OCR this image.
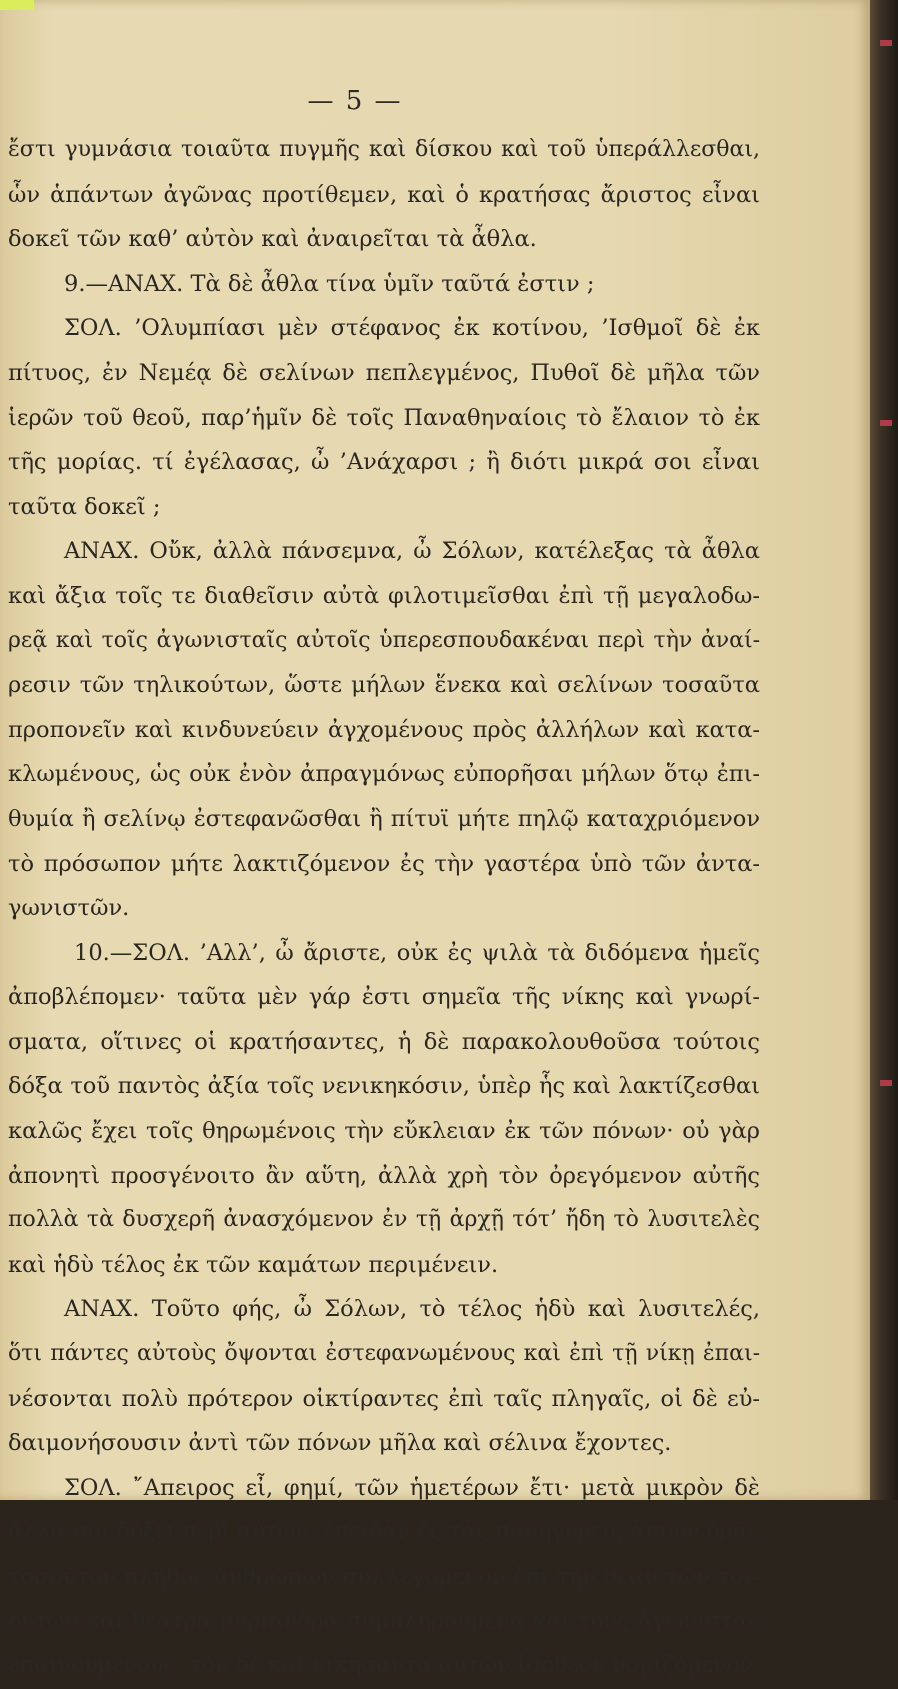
— 5 —
ἔστι γυμνάσια τοιαῦτα πυγμῆς καὶ δίσκου καὶ τοῦ ὑπεράλλεσθαι,
ὧν ἁπάντων ἀγῶνας προτίθεμεν, καὶ ὁ κρατήσας ἄριστος εἶναι
δοκεῖ τῶν καθ’ αὐτὸν καὶ ἀναιρεῖται τὰ ἆθλα.
9.—ΑΝΑΧ. Τὰ δὲ ἆθλα τίνα ὑμῖν ταῦτά ἐστιν ;
ΣΟΛ. ’Ολυμπίασι μὲν στέφανος ἐκ κοτίνου, ’Ισθμοῖ δὲ ἐκ
πίτυος, ἐν Νεμέᾳ δὲ σελίνων πεπλεγμένος, Πυθοῖ δὲ μῆλα τῶν
ἱερῶν τοῦ θεοῦ, παρ’ἡμῖν δὲ τοῖς Παναθηναίοις τὸ ἔλαιον τὸ ἐκ
τῆς μορίας. τί ἐγέλασας, ὦ ’Ανάχαρσι ; ἢ διότι μικρά σοι εἶναι
ταῦτα δοκεῖ ;
ΑΝΑΧ. Οὔκ, ἀλλὰ πάνσεμνα, ὦ Σόλων, κατέλεξας τὰ ἆθλα
καὶ ἄξια τοῖς τε διαθεῖσιν αὐτὰ φιλοτιμεῖσθαι ἐπὶ τῇ μεγαλοδω-
ρεᾷ καὶ τοῖς ἀγωνισταῖς αὐτοῖς ὑπερεσπουδακέναι περὶ τὴν ἀναί-
ρεσιν τῶν τηλικούτων, ὥστε μήλων ἕνεκα καὶ σελίνων τοσαῦτα
προπονεῖν καὶ κινδυνεύειν ἀγχομένους πρὸς ἀλλήλων καὶ κατα-
κλωμένους, ὡς οὐκ ἐνὸν ἀπραγμόνως εὐπορῆσαι μήλων ὅτῳ ἐπι-
θυμία ἢ σελίνῳ ἐστεφανῶσθαι ἢ πίτυϊ μήτε πηλῷ καταχριόμενον
τὸ πρόσωπον μήτε λακτιζόμενον ἐς τὴν γαστέρα ὑπὸ τῶν ἀντα-
γωνιστῶν.
10.—ΣΟΛ. ’Αλλ’, ὦ ἄριστε, οὐκ ἐς ψιλὰ τὰ διδόμενα ἡμεῖς
ἀποβλέπομεν· ταῦτα μὲν γάρ ἐστι σημεῖα τῆς νίκης καὶ γνωρί-
σματα, οἵτινες οἱ κρατήσαντες, ἡ δὲ παρακολουθοῦσα τούτοις
δόξα τοῦ παντὸς ἀξία τοῖς νενικηκόσιν, ὑπὲρ ἧς καὶ λακτίζεσθαι
καλῶς ἔχει τοῖς θηρωμένοις τὴν εὔκλειαν ἐκ τῶν πόνων· οὐ γὰρ
ἀπονητὶ προσγένοιτο ἂν αὕτη, ἀλλὰ χρὴ τὸν ὀρεγόμενον αὐτῆς
πολλὰ τὰ δυσχερῆ ἀνασχόμενον ἐν τῇ ἀρχῇ τότ’ ἤδη τὸ λυσιτελὲς
καὶ ἡδὺ τέλος ἐκ τῶν καμάτων περιμένειν.
ΑΝΑΧ. Τοῦτο φής, ὦ Σόλων, τὸ τέλος ἡδὺ καὶ λυσιτελές,
ὅτι πάντες αὐτοὺς ὄψονται ἐστεφανωμένους καὶ ἐπὶ τῇ νίκῃ ἐπαι-
νέσονται πολὺ πρότερον οἰκτίραντες ἐπὶ ταῖς πληγαῖς, οἱ δὲ εὐ-
δαιμονήσουσιν ἀντὶ τῶν πόνων μῆλα καὶ σέλινα ἔχοντες.
ΣΟΛ. ῎Απειρος εἶ, φημί, τῶν ἡμετέρων ἔτι· μετὰ μικρὸν δὲ
ἄλλα σοι δόξει περὶ αὐτῶν, ἐπειδὰν ἐς τὰς πανηγύρεις ἀπιὼν ὁρᾷς
τοσοῦτον πλῆθος ἀνθρώπων συλλεγόμενον ἐπὶ τὴν θέαν τῶν τοι-
ούτων καὶ θέατρα μυρίανδρα συμπληρούμενα καὶ τοὺς ἀγωνιστὰς
ἐπαινουμένους, τὸν δὲ καὶ νικήσαντα αὐτῶν ἰσόθεον νομιζόμενον.
